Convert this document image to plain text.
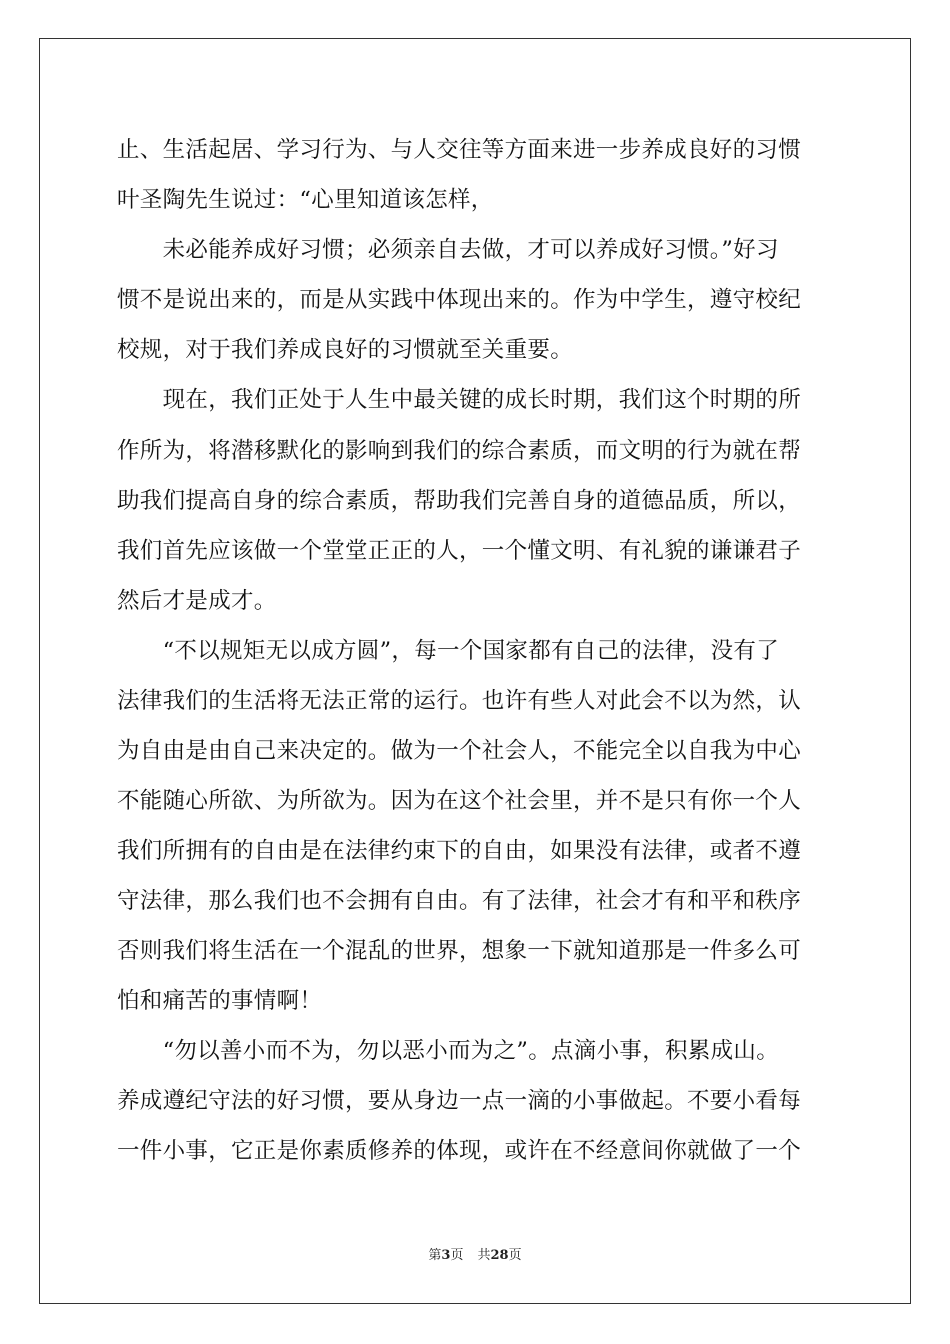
止、生活起居、学习行为、与人交往等方面来进一步养成良好的习惯
叶圣陶先生说过：“心里知道该怎样，
　　未必能养成好习惯；必须亲自去做，才可以养成好习惯。”好习
惯不是说出来的，而是从实践中体现出来的。作为中学生，遵守校纪
校规，对于我们养成良好的习惯就至关重要。
　　现在，我们正处于人生中最关键的成长时期，我们这个时期的所
作所为，将潜移默化的影响到我们的综合素质，而文明的行为就在帮
助我们提高自身的综合素质，帮助我们完善自身的道德品质，所以，
我们首先应该做一个堂堂正正的人，一个懂文明、有礼貌的谦谦君子
然后才是成才。
　　“不以规矩无以成方圆”，每一个国家都有自己的法律，没有了
法律我们的生活将无法正常的运行。也许有些人对此会不以为然，认
为自由是由自己来决定的。做为一个社会人，不能完全以自我为中心
不能随心所欲、为所欲为。因为在这个社会里，并不是只有你一个人
我们所拥有的自由是在法律约束下的自由，如果没有法律，或者不遵
守法律，那么我们也不会拥有自由。有了法律，社会才有和平和秩序
否则我们将生活在一个混乱的世界，想象一下就知道那是一件多么可
怕和痛苦的事情啊！
　　“勿以善小而不为，勿以恶小而为之”。点滴小事，积累成山。
养成遵纪守法的好习惯，要从身边一点一滴的小事做起。不要小看每
一件小事，它正是你素质修养的体现，或许在不经意间你就做了一个
第3页 共28页
